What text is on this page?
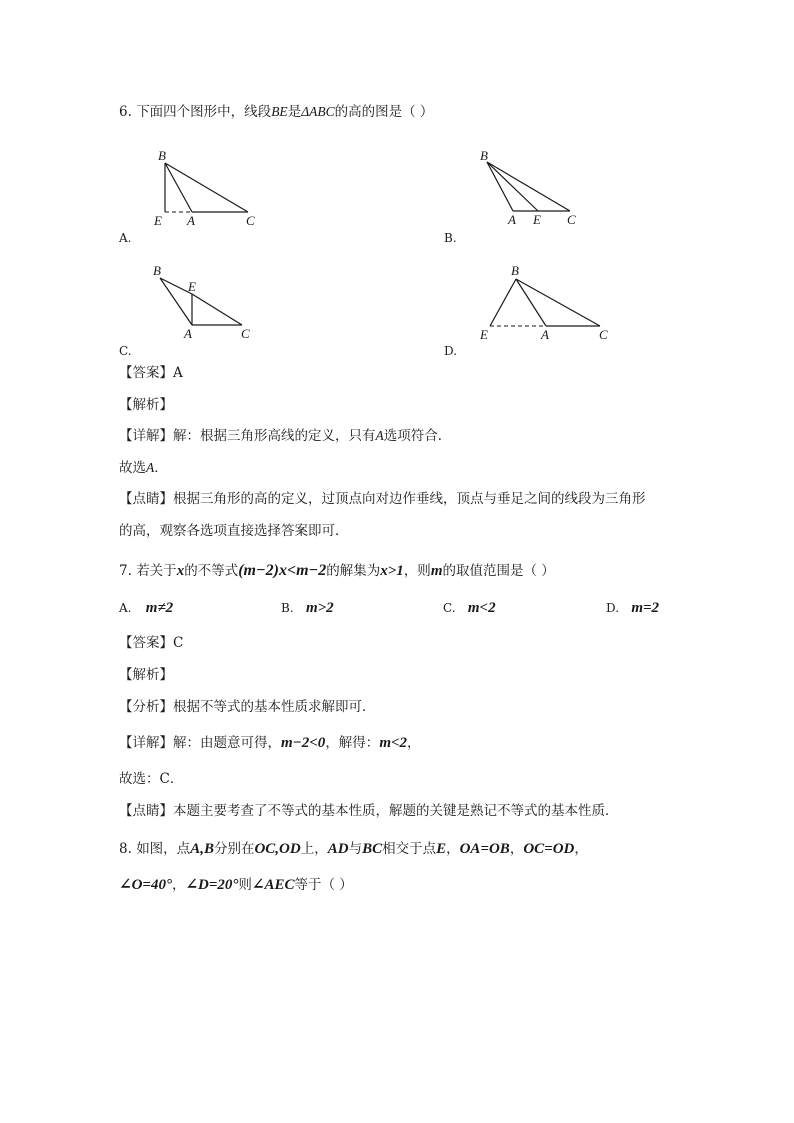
6. 下面四个图形中，线段BE是ΔABC的高的图是（ ）
B
E A	C
A.
B
A E C
B.
B
E
A	C
C.
B
E	A	C
D.
【答案】A
【解析】
【详解】解：根据三角形高线的定义，只有A选项符合．
故选A．
【点睛】根据三角形的高的定义，过顶点向对边作垂线，顶点与垂足之间的线段为三角形
的高，观察各选项直接选择答案即可．
7. 若关于x的不等式(m−2)x<m−2的解集为x>1，则m的取值范围是（ ）
A. m≠2	B. m>2	C. m<2	D. m=2
【答案】C
【解析】
【分析】根据不等式的基本性质求解即可．
【详解】解：由题意可得，m−2<0，解得：m<2，
故选：C．
【点睛】本题主要考查了不等式的基本性质，解题的关键是熟记不等式的基本性质．
8. 如图，点A,B分别在OC,OD上，AD与BC相交于点E，OA=OB，OC=OD，
∠O=40°，∠D=20°则∠AEC等于（ ）
